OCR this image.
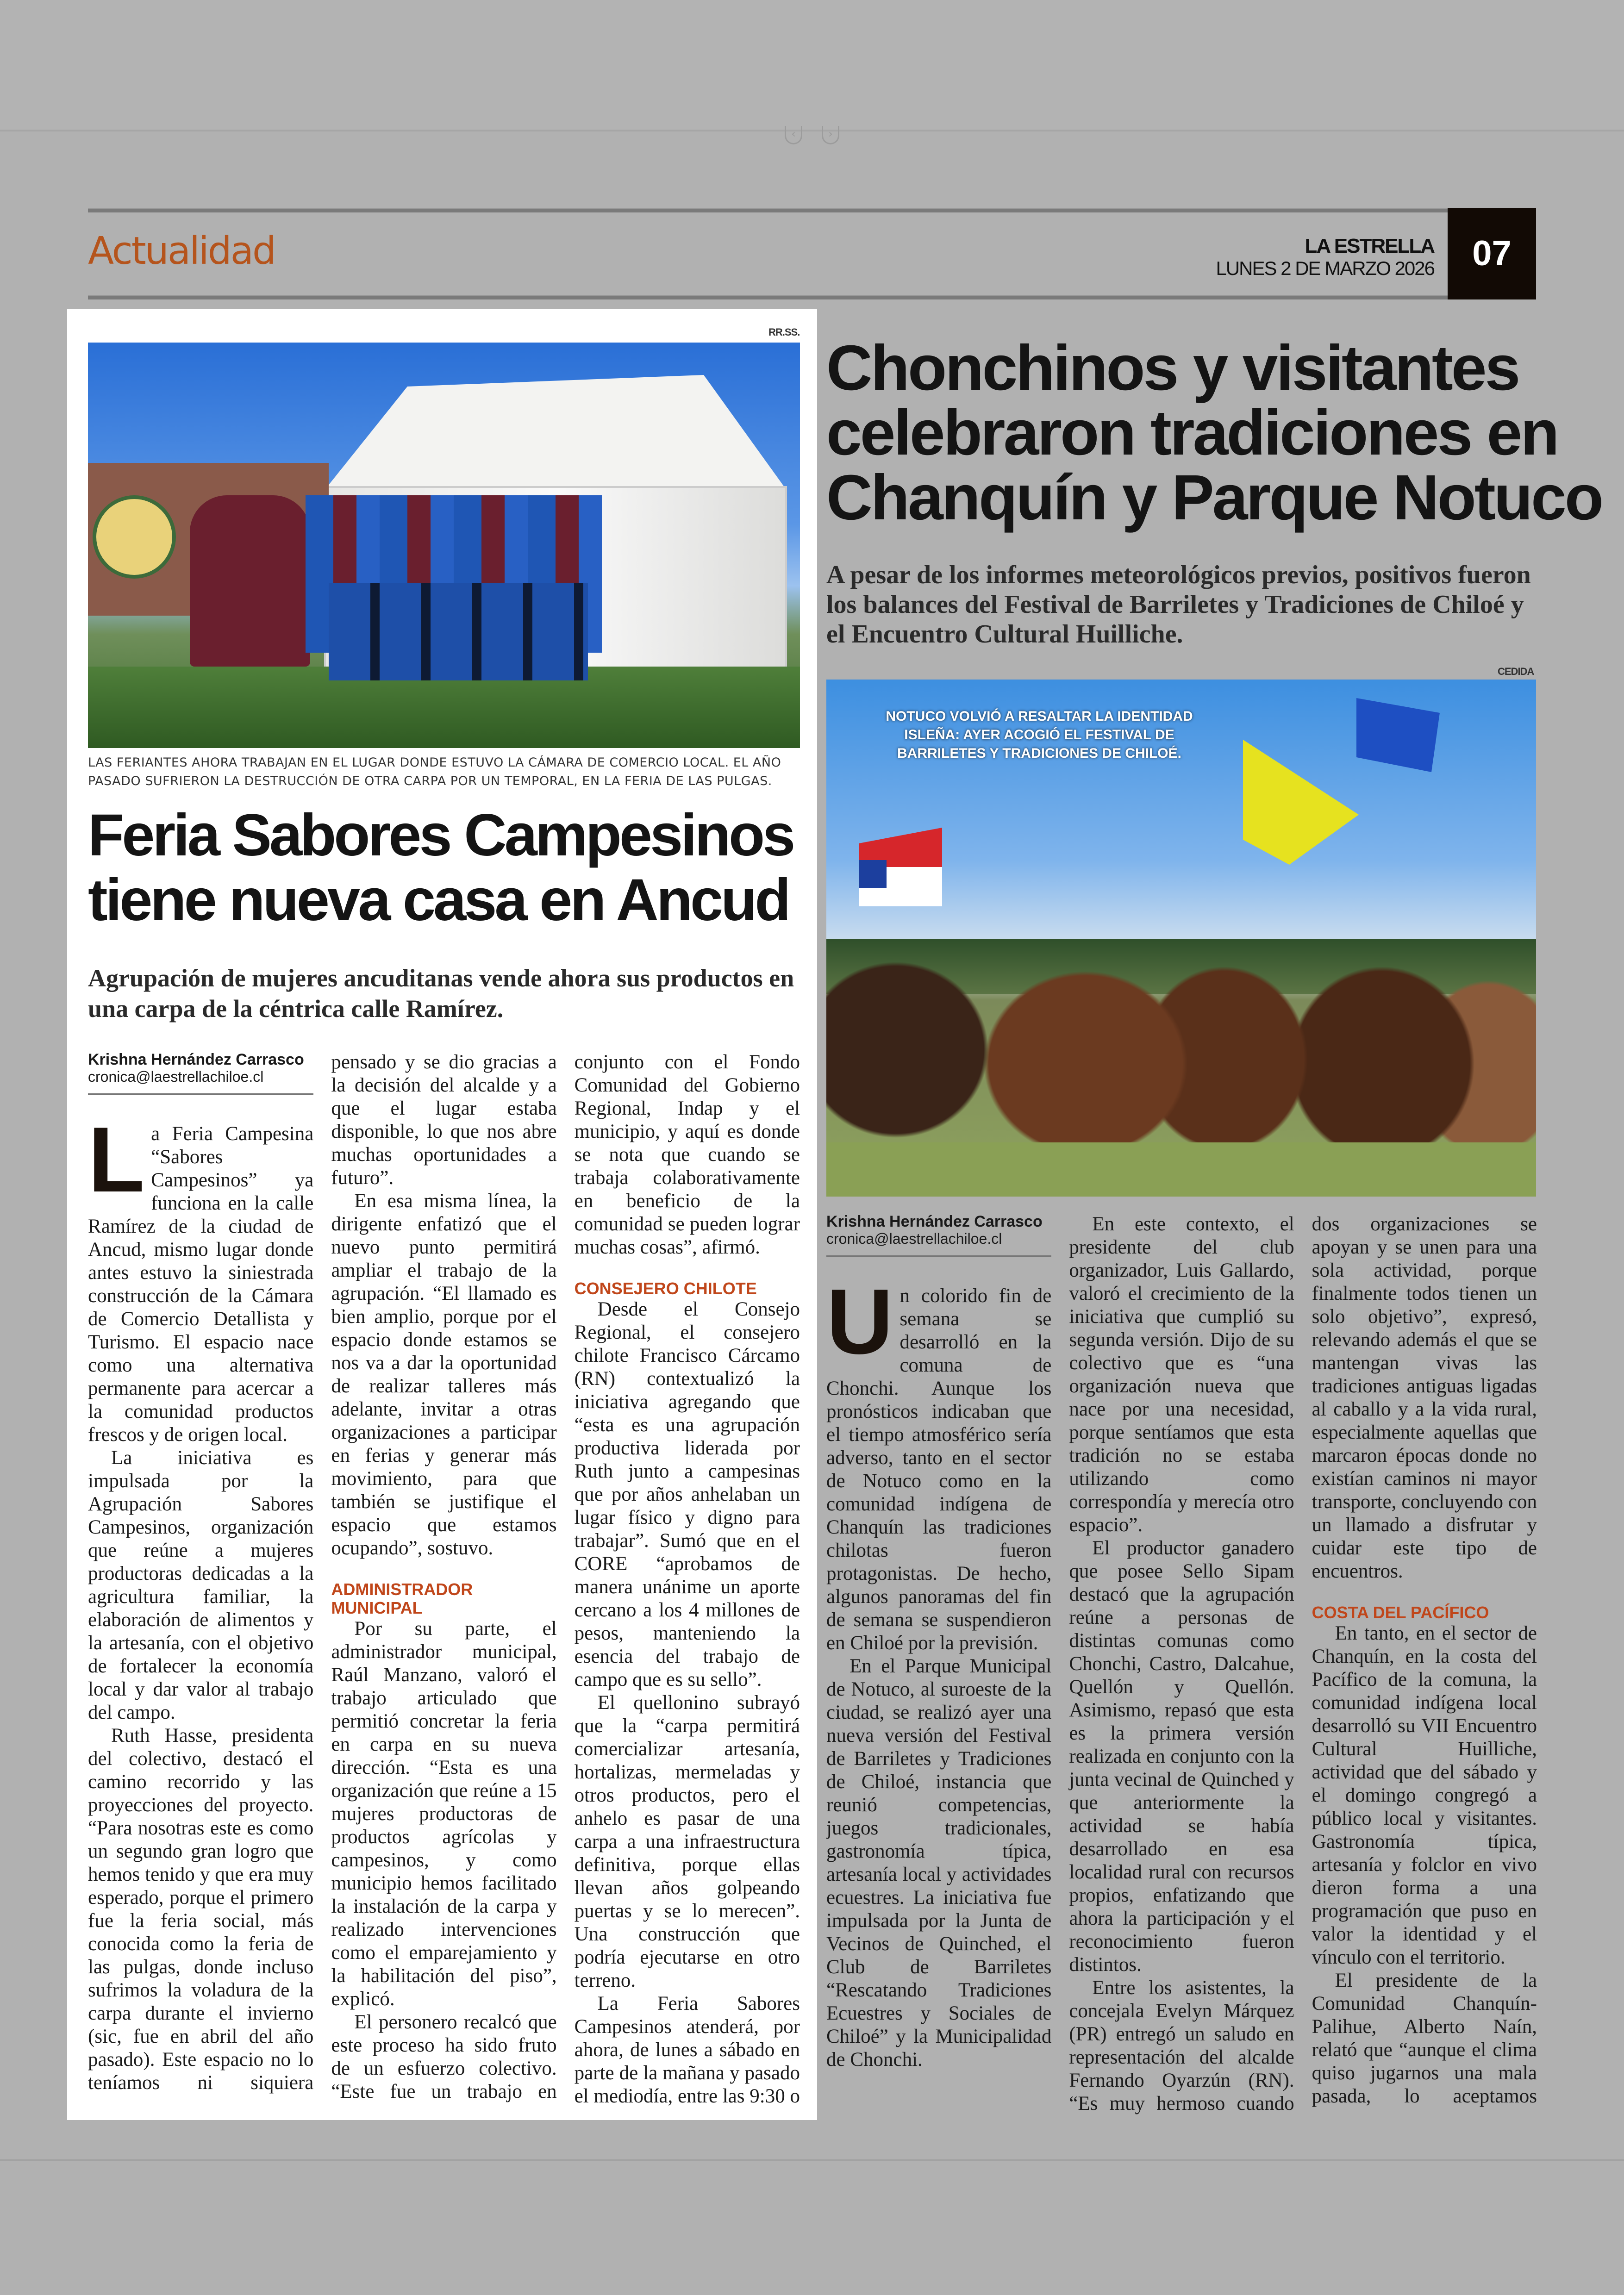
‹	›
Actualidad	LA ESTRELLA
LUNES 2 DE MARZO 2026	07
RR.SS.
LAS FERIANTES AHORA TRABAJAN EN EL LUGAR DONDE ESTUVO LA CÁMARA DE COMERCIO LOCAL. EL AÑO PASADO SUFRIERON LA DESTRUCCIÓN DE OTRA CARPA POR UN TEMPORAL, EN LA FERIA DE LAS PULGAS.
Feria Sabores Campesinos
tiene nueva casa en Ancud
Agrupación de mujeres ancuditanas vende ahora sus productos en una carpa de la céntrica calle Ramírez.
Krishna Hernández Carrasco
cronica@laestrellachiloe.cl

La Feria Campesina “Sabores Campesinos” ya funciona en la calle Ramírez de la ciudad de Ancud, mismo lugar donde antes estuvo la siniestrada construcción de la Cámara de Comercio Detallista y Turismo. El espacio nace como una alternativa permanente para acercar a la comunidad productos frescos y de origen local.

La iniciativa es impulsada por la Agrupación Sabores Campesinos, organización que reúne a mujeres productoras dedicadas a la agricultura familiar, la elaboración de alimentos y la artesanía, con el objetivo de fortalecer la economía local y dar valor al trabajo del campo.

Ruth Hasse, presidenta del colectivo, destacó el camino recorrido y las proyecciones del proyecto. “Para nosotras este es como un segundo gran logro que hemos tenido y que era muy esperado, porque el primero fue la feria social, más conocida como la feria de las pulgas, donde incluso sufrimos la voladura de la carpa durante el invierno (sic, fue en abril del año pasado). Este espacio no lo teníamos ni siquiera pensado y se dio gracias a la decisión del alcalde y a que el lugar estaba disponible, lo que nos abre muchas oportunidades a futuro”.

En esa misma línea, la dirigente enfatizó que el nuevo punto permitirá ampliar el trabajo de la agrupación. “El llamado es bien amplio, porque por el espacio donde estamos se nos va a dar la oportunidad de realizar talleres más adelante, invitar a otras organizaciones a participar en ferias y generar más movimiento, para que también se justifique el espacio que estamos ocupando”, sostuvo.

ADMINISTRADOR MUNICIPAL

Por su parte, el administrador municipal, Raúl Manzano, valoró el trabajo articulado que permitió concretar la feria en carpa en su nueva dirección. “Esta es una organización que reúne a 15 mujeres productoras de productos agrícolas y campesinos, y como municipio hemos facilitado la instalación de la carpa y realizado intervenciones como el emparejamiento y la habilitación del piso”, explicó.

El personero recalcó que este proceso ha sido fruto de un esfuerzo colectivo. “Este fue un trabajo en conjunto con el Fondo Comunidad del Gobierno Regional, Indap y el municipio, y aquí es donde se nota que cuando se trabaja colaborativamente en beneficio de la comunidad se pueden lograr muchas cosas”, afirmó.

CONSEJERO CHILOTE

Desde el Consejo Regional, el consejero chilote Francisco Cárcamo (RN) contextualizó la iniciativa agregando que “esta es una agrupación productiva liderada por Ruth junto a campesinas que por años anhelaban un lugar físico y digno para trabajar”. Sumó que en el CORE “aprobamos de manera unánime un aporte cercano a los 4 millones de pesos, manteniendo la esencia del trabajo de campo que es su sello”.

El quellonino subrayó que la “carpa permitirá comercializar artesanía, hortalizas, mermeladas y otros productos, pero el anhelo es pasar de una carpa a una infraestructura definitiva, porque ellas llevan años golpeando puertas y se lo merecen”. Una construcción que podría ejecutarse en otro terreno.

La Feria Sabores Campesinos atenderá, por ahora, de lunes a sábado en parte de la mañana y pasado el mediodía, entre las 9:30 o

Chonchinos y visitantes
celebraron tradiciones en
Chanquín y Parque Notuco
A pesar de los informes meteorológicos previos, positivos fueron los balances del Festival de Barriletes y Tradiciones de Chiloé y el Encuentro Cultural Huilliche.
CEDIDA
NOTUCO VOLVIÓ A RESALTAR LA IDENTIDAD ISLEÑA: AYER ACOGIÓ EL FESTIVAL DE BARRILETES Y TRADICIONES DE CHILOÉ.
Krishna Hernández Carrasco
cronica@laestrellachiloe.cl

Un colorido fin de semana se desarrolló en la comuna de Chonchi. Aunque los pronósticos indicaban que el tiempo atmosférico sería adverso, tanto en el sector de Notuco como en la comunidad indígena de Chanquín las tradiciones chilotas fueron protagonistas. De hecho, algunos panoramas del fin de semana se suspendieron en Chiloé por la previsión.

En el Parque Municipal de Notuco, al suroeste de la ciudad, se realizó ayer una nueva versión del Festival de Barriletes y Tradiciones de Chiloé, instancia que reunió competencias, juegos tradicionales, gastronomía típica, artesanía local y actividades ecuestres. La iniciativa fue impulsada por la Junta de Vecinos de Quinched, el Club de Barriletes “Rescatando Tradiciones Ecuestres y Sociales de Chiloé” y la Municipalidad de Chonchi.

En este contexto, el presidente del club organizador, Luis Gallardo, valoró el crecimiento de la iniciativa que cumplió su segunda versión. Dijo de su colectivo que es “una organización nueva que nace por una necesidad, porque sentíamos que esta tradición no se estaba utilizando como correspondía y merecía otro espacio”.

El productor ganadero que posee Sello Sipam destacó que la agrupación reúne a personas de distintas comunas como Chonchi, Castro, Dalcahue, Quellón y Quellón. Asimismo, repasó que esta es la primera versión realizada en conjunto con la junta vecinal de Quinched y que anteriormente la actividad se había desarrollado en esa localidad rural con recursos propios, enfatizando que ahora la participación y el reconocimiento fueron distintos.

Entre los asistentes, la concejala Evelyn Márquez (PR) entregó un saludo en representación del alcalde Fernando Oyarzún (RN). “Es muy hermoso cuando dos organizaciones se apoyan y se unen para una sola actividad, porque finalmente todos tienen un solo objetivo”, expresó, relevando además el que se mantengan vivas las tradiciones antiguas ligadas al caballo y a la vida rural, especialmente aquellas que marcaron épocas donde no existían caminos ni mayor transporte, concluyendo con un llamado a disfrutar y cuidar este tipo de encuentros.

COSTA DEL PACÍFICO

En tanto, en el sector de Chanquín, en la costa del Pacífico de la comuna, la comunidad indígena local desarrolló su VII Encuentro Cultural Huilliche, actividad que del sábado y el domingo congregó a público local y visitantes. Gastronomía típica, artesanía y folclor en vivo dieron forma a una programación que puso en valor la identidad y el vínculo con el territorio.

El presidente de la Comunidad Chanquín-Palihue, Alberto Naín, relató que “aunque el clima quiso jugarnos una mala pasada, lo aceptamos
